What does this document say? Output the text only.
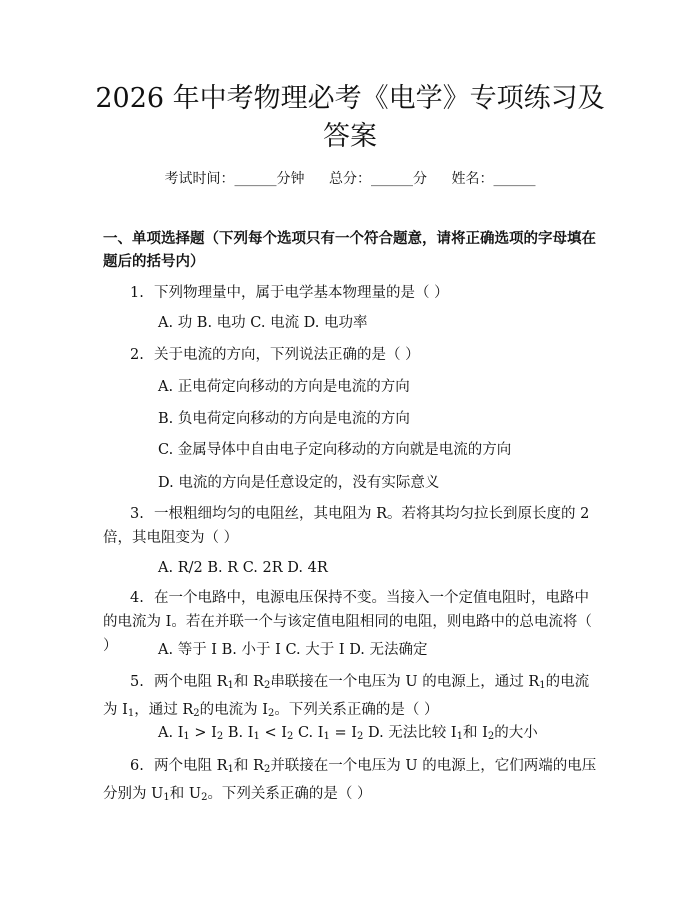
2026 年中考物理必考《电学》专项练习及答案
考试时间：______分钟 总分：______分 姓名：______
一、单项选择题（下列每个选项只有一个符合题意，请将正确选项的字母填在题后的括号内）
1. 下列物理量中，属于电学基本物理量的是（ ）
A. 功 B. 电功 C. 电流 D. 电功率
2. 关于电流的方向，下列说法正确的是（ ）
A. 正电荷定向移动的方向是电流的方向
B. 负电荷定向移动的方向是电流的方向
C. 金属导体中自由电子定向移动的方向就是电流的方向
D. 电流的方向是任意设定的，没有实际意义
3. 一根粗细均匀的电阻丝，其电阻为 R。若将其均匀拉长到原长度的 2 倍，其电阻变为（ ）
A. R/2 B. R C. 2R D. 4R
4. 在一个电路中，电源电压保持不变。当接入一个定值电阻时，电路中的电流为 I。若在并联一个与该定值电阻相同的电阻，则电路中的总电流将（ ）	A. 等于 I B. 小于 I C. 大于 I D. 无法确定
5. 两个电阻 $R_1$和 $R_2$串联接在一个电压为 U 的电源上，通过 $R_1$的电流为 $I_1$，通过 $R_2$的电流为 $I_2$。下列关系正确的是（ ）
A. $I_1 > I_2$ B. $I_1 < I_2$ C. $I_1 = I_2$ D. 无法比较 $I_1$和 $I_2$的大小
6. 两个电阻 $R_1$和 $R_2$并联接在一个电压为 U 的电源上，它们两端的电压分别为 $U_1$和 $U_2$。下列关系正确的是（ ）
